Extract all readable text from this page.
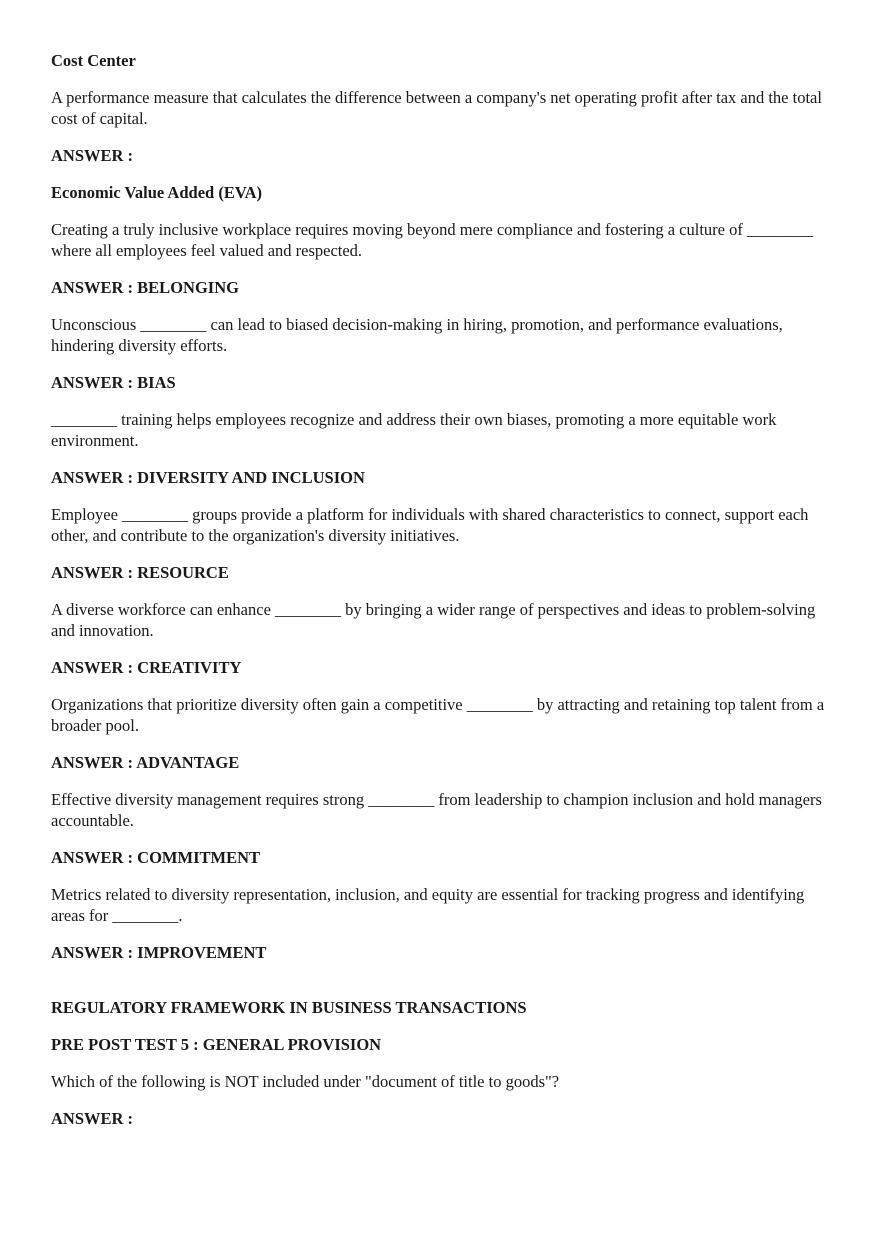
Cost Center

A performance measure that calculates the difference between a company's net operating profit after tax and the total cost of capital.

ANSWER :

Economic Value Added (EVA)

Creating a truly inclusive workplace requires moving beyond mere compliance and fostering a culture of ________ where all employees feel valued and respected.

ANSWER : BELONGING

Unconscious ________ can lead to biased decision-making in hiring, promotion, and performance evaluations, hindering diversity efforts.

ANSWER : BIAS

________ training helps employees recognize and address their own biases, promoting a more equitable work environment.

ANSWER : DIVERSITY AND INCLUSION

Employee ________ groups provide a platform for individuals with shared characteristics to connect, support each other, and contribute to the organization's diversity initiatives.

ANSWER : RESOURCE

A diverse workforce can enhance ________ by bringing a wider range of perspectives and ideas to problem-solving and innovation.

ANSWER : CREATIVITY

Organizations that prioritize diversity often gain a competitive ________ by attracting and retaining top talent from a broader pool.

ANSWER : ADVANTAGE

Effective diversity management requires strong ________ from leadership to champion inclusion and hold managers accountable.

ANSWER : COMMITMENT

Metrics related to diversity representation, inclusion, and equity are essential for tracking progress and identifying areas for ________.

ANSWER : IMPROVEMENT

REGULATORY FRAMEWORK IN BUSINESS TRANSACTIONS

PRE POST TEST 5 : GENERAL PROVISION

Which of the following is NOT included under "document of title to goods"?

ANSWER :
